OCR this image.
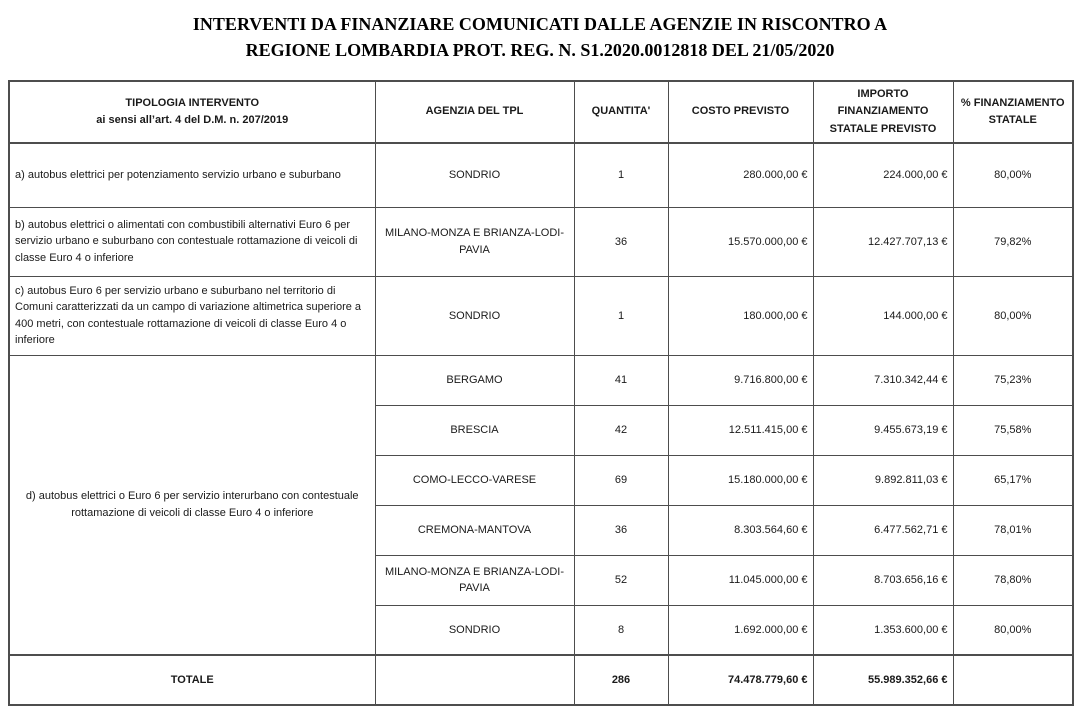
INTERVENTI DA FINANZIARE COMUNICATI DALLE AGENZIE IN RISCONTRO A
REGIONE LOMBARDIA PROT. REG. N. S1.2020.0012818 DEL 21/05/2020
TIPOLOGIA INTERVENTO
ai sensi all’art. 4 del D.M. n. 207/2019	AGENZIA DEL TPL	QUANTITA'	COSTO PREVISTO	IMPORTO FINANZIAMENTO STATALE PREVISTO	% FINANZIAMENTO STATALE
a) autobus elettrici per potenziamento servizio urbano e suburbano	SONDRIO	1	280.000,00 €	224.000,00 €	80,00%
b) autobus elettrici o alimentati con combustibili alternativi Euro 6 per servizio urbano e suburbano con contestuale rottamazione di veicoli di classe Euro 4 o inferiore	MILANO-MONZA E BRIANZA-LODI-PAVIA	36	15.570.000,00 €	12.427.707,13 €	79,82%
c) autobus Euro 6 per servizio urbano e suburbano nel territorio di Comuni caratterizzati da un campo di variazione altimetrica superiore a 400 metri, con contestuale rottamazione di veicoli di classe Euro 4 o inferiore	SONDRIO	1	180.000,00 €	144.000,00 €	80,00%
d) autobus elettrici o Euro 6 per servizio interurbano con contestuale rottamazione di veicoli di classe Euro 4 o inferiore	BERGAMO	41	9.716.800,00 €	7.310.342,44 €	75,23%
	BRESCIA	42	12.511.415,00 €	9.455.673,19 €	75,58%
	COMO-LECCO-VARESE	69	15.180.000,00 €	9.892.811,03 €	65,17%
	CREMONA-MANTOVA	36	8.303.564,60 €	6.477.562,71 €	78,01%
	MILANO-MONZA E BRIANZA-LODI-PAVIA	52	11.045.000,00 €	8.703.656,16 €	78,80%
	SONDRIO	8	1.692.000,00 €	1.353.600,00 €	80,00%
TOTALE		286	74.478.779,60 €	55.989.352,66 €	
